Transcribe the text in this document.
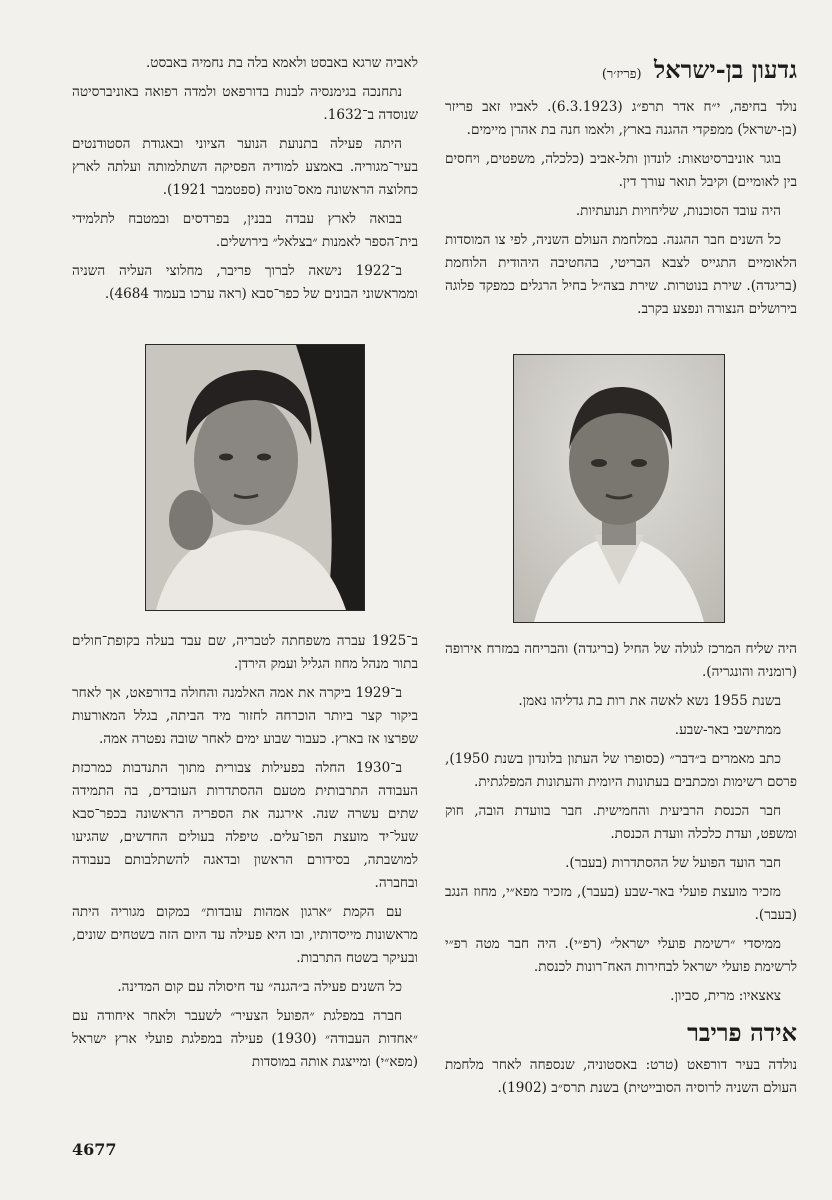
גדעון בן-ישראל (פריז׳ר)

נולד בחיפה, י״ח אדר תרפ״ג (6.3.1923). לאביו זאב פריזר (בן-ישראל) ממפקדי ההגנה בארץ, ולאמו חנה בת אהרן מיימים.

בוגר אוניברסיטאות: לונדון ותל-אביב (כלכלה, משפטים, ויחסים בין לאומיים) וקיבל תואר עורך דין.

היה עובד הסוכנות, שליחויות תנועתיות.

כל השנים חבר ההגנה. במלחמת העולם השניה, לפי צו המוסדות הלאומיים התגייס לצבא הבריטי, בהחטיבה היהודית הלוחמת (בריגדה). שירת בנוטרות. שירת בצה״ל בחיל הרגלים כמפקד פלוגה בירושלים הנצורה ונפצע בקרב.

היה שליח המרכז לגולה של החיל (בריגדה) והבריחה במזרח אירופה (רומניה והונגריה).

בשנת 1955 נשא לאשה את רות בת גדליהו נאמן.

ממתישבי באר-שבע.

כתב מאמרים ב״דבר״ (כסופרו של העתון בלונדון בשנת 1950), פרסם רשימות ומכתבים בעתונות היומית והעתונות המפלגתית.

חבר הכנסת הרביעית והחמישית. חבר בוועדת הובה, חוק ומשפט, ועדת כלכלה וועדת הכנסת.

חבר הועד הפועל של ההסתדרות (בעבר).

מזכיר מועצת פועלי באר-שבע (בעבר), מזכיר מפא״י, מחוז הנגב (בעבר).

ממיסדי ״רשימת פועלי ישראל״ (רפ״י). היה חבר מטה רפ״י לרשימת פועלי ישראל לבחירות האח־רונות לכנסת.

צאצאיו: מרית, סביון.

אידה פריבר

נולדה בעיר דורפאט (טרט: באסטוניה, שנספחה לאחר מלחמת העולם השניה לרוסיה הסובייטית) בשנת תרס״ב (1902).

לאביה שרגא באבסט ולאמא בלה בת נחמיה באבסט.

נתחנכה בגימנסיה לבנות בדורפאט ולמדה רפואה באוניברסיטה שנוסדה ב־1632.

היתה פעילה בתנועת הנוער הציוני ובאגודת הסטודנטים בעיר־מגוריה. באמצע למודיה הפסיקה השתלמותה ועלתה לארץ כחלוצה הראשונה מאס־טוניה (ספטמבר 1921).

בבואה לארץ עבדה בבנין, בפרדסים ובמטבח לתלמידי בית־הספר לאמנות ״בצלאל״ בירושלים.

ב־1922 נישאה לברוך פריבר, מחלוצי העליה השניה וממראשוני הבונים של כפר־סבא (ראה ערכו בעמוד 4684).

ב־1925 עברה משפחתה לטבריה, שם עבד בעלה בקופת־חולים בתור מנהל מחוז הגליל ועמק הירדן.

ב־1929 ביקרה את אמה האלמנה והחולה בדורפאט, אך לאחר ביקור קצר ביותר הוכרחה לחזור מיד הביתה, בגלל המאורעות שפרצו אז בארץ. כעבור שבוע ימים לאחר שובה נפטרה אמה.

ב־1930 החלה בפעילות צבורית מתוך התנדבות כמרכזת העבודה התרבותית מטעם ההסתדרות העובדים, בה התמידה שתים עשרה שנה. אירגנה את הספריה הראשונה בכפר־סבא שעל־יד מועצת הפו־עלים. טיפלה בעולים החדשים, שהגיעו למושבתה, בסידורם הראשון ובדאגה להשתלבותם בעבודה ובחברה.

עם הקמת ״ארגון אמהות עובדות״ במקום מגוריה היתה מראשונות מייסדותיו, ובו היא פעילה עד היום הזה בשטחים שונים, ובעיקר בשטח התרבות.

כל השנים פעילה ב״הגנה״ עד חיסולה עם קום המדינה.

חברה במפלגת ״הפועל הצעיר״ לשעבר ולאחר איחודה עם ״אחדות העבודה״ (1930) פעילה במפלגת פועלי ארץ ישראל (מפא״י) ומייצגת אותה במוסדות

4677
